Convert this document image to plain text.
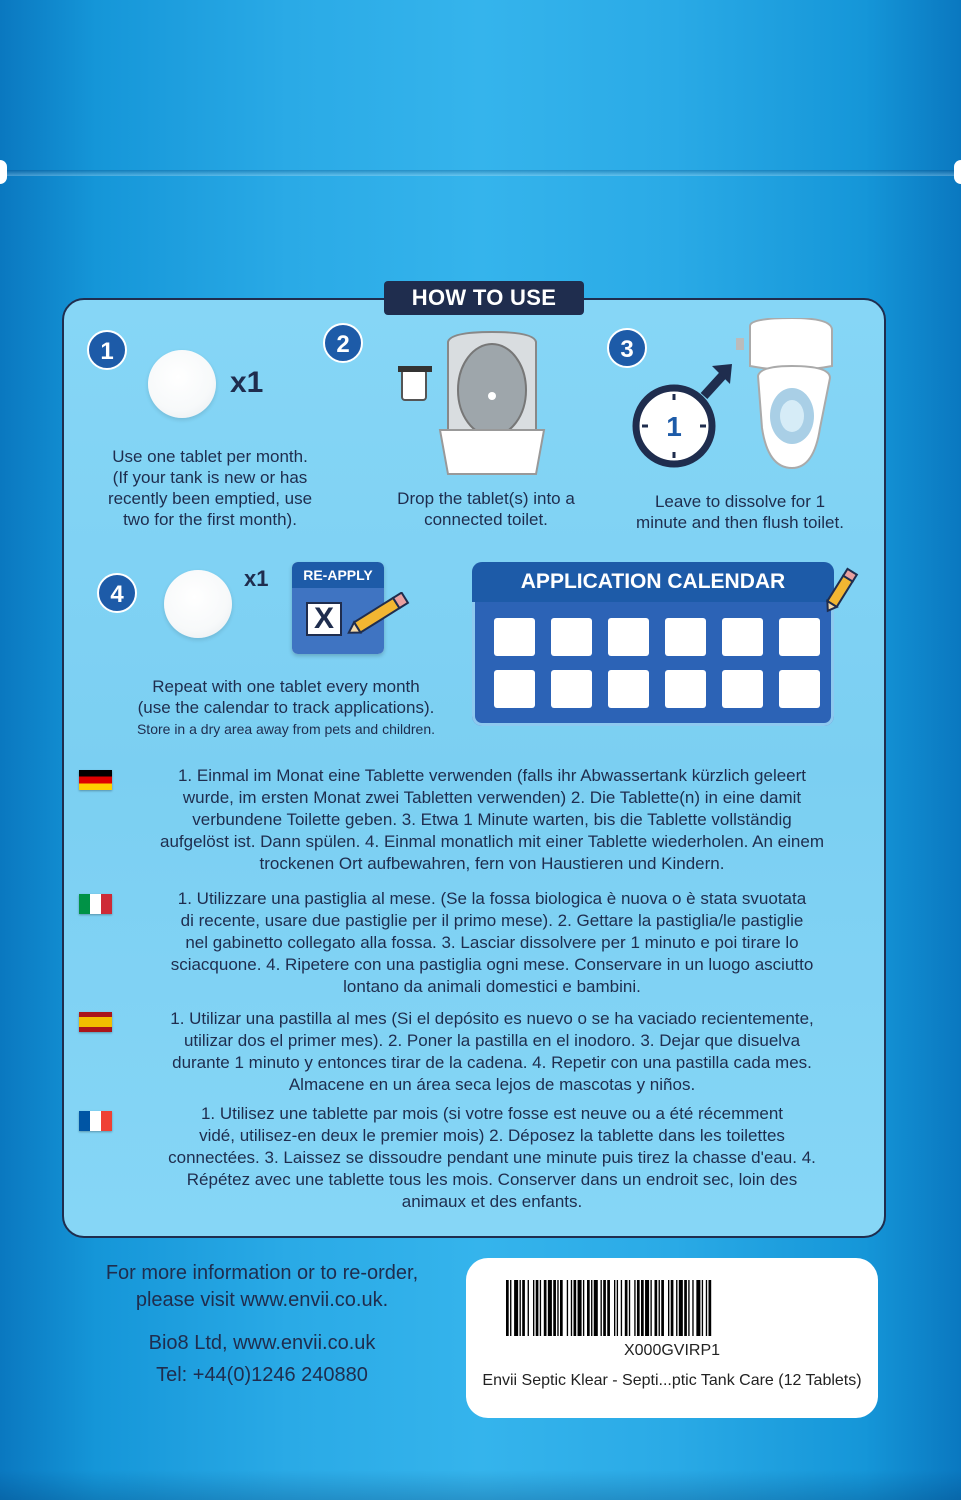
HOW TO USE
1
x1
Use one tablet per month.
(If your tank is new or has
recently been emptied, use
two for the first month).
2
Drop the tablet(s) into a
connected toilet.
3
1
Leave to dissolve for 1
minute and then flush toilet.
4
x1	RE-APPLY
X
Repeat with one tablet every month
(use the calendar to track applications).
Store in a dry area away from pets and children.
APPLICATION CALENDAR
1. Einmal im Monat eine Tablette verwenden (falls ihr Abwassertank kürzlich geleert
wurde, im ersten Monat zwei Tabletten verwenden) 2. Die Tablette(n) in eine damit
verbundene Toilette geben. 3. Etwa 1 Minute warten, bis die Tablette vollständig
aufgelöst ist. Dann spülen. 4. Einmal monatlich mit einer Tablette wiederholen. An einem
trockenen Ort aufbewahren, fern von Haustieren und Kindern.
1. Utilizzare una pastiglia al mese. (Se la fossa biologica è nuova o è stata svuotata
di recente, usare due pastiglie per il primo mese). 2. Gettare la pastiglia/le pastiglie
nel gabinetto collegato alla fossa. 3. Lasciar dissolvere per 1 minuto e poi tirare lo
sciacquone. 4. Ripetere con una pastiglia ogni mese. Conservare in un luogo asciutto
lontano da animali domestici e bambini.
1. Utilizar una pastilla al mes (Si el depósito es nuevo o se ha vaciado recientemente,
utilizar dos el primer mes). 2. Poner la pastilla en el inodoro. 3. Dejar que disuelva
durante 1 minuto y entonces tirar de la cadena. 4. Repetir con una pastilla cada mes.
Almacene en un área seca lejos de mascotas y niños.
1. Utilisez une tablette par mois (si votre fosse est neuve ou a été récemment
vidé, utilisez-en deux le premier mois) 2. Déposez la tablette dans les toilettes
connectées. 3. Laissez se dissoudre pendant une minute puis tirez la chasse d'eau. 4.
Répétez avec une tablette tous les mois. Conserver dans un endroit sec, loin des
animaux et des enfants.
For more information or to re-order,
please visit www.envii.co.uk.
Bio8 Ltd, www.envii.co.uk
Tel: +44(0)1246 240880
X000GVIRP1
Envii Septic Klear - Septi...ptic Tank Care (12 Tablets)
